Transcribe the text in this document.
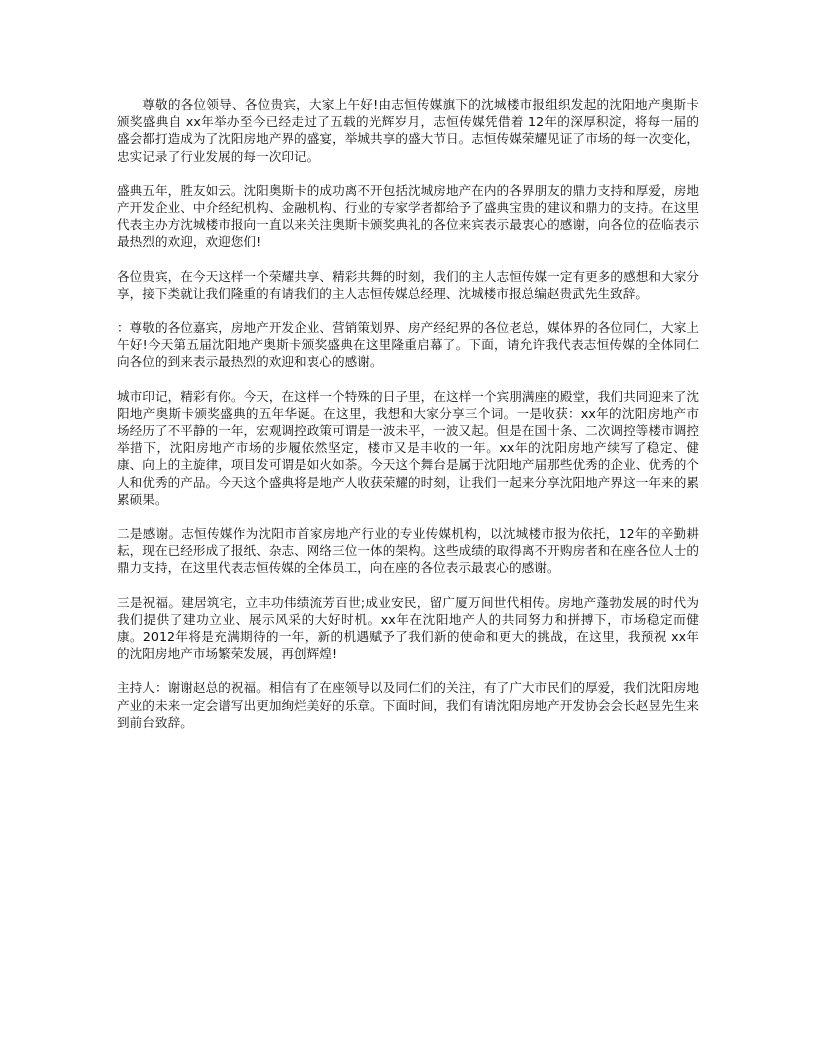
尊敬的各位领导、各位贵宾，大家上午好!由志恒传媒旗下的沈城楼市报组织发起的沈阳地产奥斯卡颁奖盛典自 xx年举办至今已经走过了五载的光辉岁月，志恒传媒凭借着 12年的深厚积淀，将每一届的盛会都打造成为了沈阳房地产界的盛宴，举城共享的盛大节日。志恒传媒荣耀见证了市场的每一次变化，忠实记录了行业发展的每一次印记。

盛典五年，胜友如云。沈阳奥斯卡的成功离不开包括沈城房地产在内的各界朋友的鼎力支持和厚爱，房地产开发企业、中介经纪机构、金融机构、行业的专家学者都给予了盛典宝贵的建议和鼎力的支持。在这里代表主办方沈城楼市报向一直以来关注奥斯卡颁奖典礼的各位来宾表示最衷心的感谢，向各位的莅临表示最热烈的欢迎，欢迎您们!

各位贵宾，在今天这样一个荣耀共享、精彩共舞的时刻，我们的主人志恒传媒一定有更多的感想和大家分享，接下类就让我们隆重的有请我们的主人志恒传媒总经理、沈城楼市报总编赵贵武先生致辞。

：尊敬的各位嘉宾，房地产开发企业、营销策划界、房产经纪界的各位老总，媒体界的各位同仁，大家上午好!今天第五届沈阳地产奥斯卡颁奖盛典在这里隆重启幕了。下面，请允许我代表志恒传媒的全体同仁向各位的到来表示最热烈的欢迎和衷心的感谢。

城市印记，精彩有你。今天，在这样一个特殊的日子里，在这样一个宾朋满座的殿堂，我们共同迎来了沈阳地产奥斯卡颁奖盛典的五年华诞。在这里，我想和大家分享三个词。一是收获：xx年的沈阳房地产市场经历了不平静的一年，宏观调控政策可谓是一波未平，一波又起。但是在国十条、二次调控等楼市调控举措下，沈阳房地产市场的步履依然坚定，楼市又是丰收的一年。xx年的沈阳房地产续写了稳定、健康、向上的主旋律，项目发可谓是如火如荼。今天这个舞台是属于沈阳地产届那些优秀的企业、优秀的个人和优秀的产品。今天这个盛典将是地产人收获荣耀的时刻，让我们一起来分享沈阳地产界这一年来的累累硕果。

二是感谢。志恒传媒作为沈阳市首家房地产行业的专业传媒机构，以沈城楼市报为依托，12年的辛勤耕耘，现在已经形成了报纸、杂志、网络三位一体的架构。这些成绩的取得离不开购房者和在座各位人士的鼎力支持，在这里代表志恒传媒的全体员工，向在座的各位表示最衷心的感谢。

三是祝福。建居筑宅，立丰功伟绩流芳百世;成业安民，留广厦万间世代相传。房地产蓬勃发展的时代为我们提供了建功立业、展示风采的大好时机。xx年在沈阳地产人的共同努力和拼搏下，市场稳定而健康。2012年将是充满期待的一年，新的机遇赋予了我们新的使命和更大的挑战，在这里，我预祝 xx年的沈阳房地产市场繁荣发展，再创辉煌!

主持人：谢谢赵总的祝福。相信有了在座领导以及同仁们的关注，有了广大市民们的厚爱，我们沈阳房地产业的未来一定会谱写出更加绚烂美好的乐章。下面时间，我们有请沈阳房地产开发协会会长赵昱先生来到前台致辞。
